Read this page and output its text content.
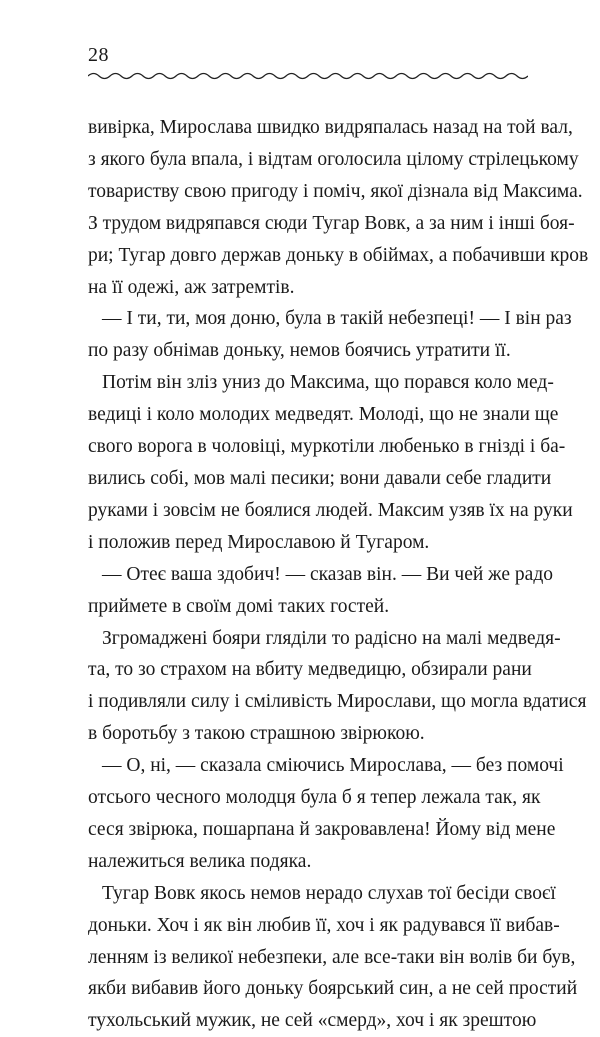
28
вивірка, Мирослава швидко видряпалась назад на той вал,
з якого була впала, і відтам оголосила цілому стрілецькому
товариству свою пригоду і поміч, якої дізнала від Максима.
З трудом видряпався сюди Тугар Вовк, а за ним і інші боя-
ри; Тугар довго держав доньку в обіймах, а побачивши кров
на її одежі, аж затремтів.
— І ти, ти, моя доню, була в такій небезпеці! — І він раз
по разу обнімав доньку, немов боячись утратити її.
Потім він зліз униз до Максима, що порався коло мед-
ведиці і коло молодих медведят. Молоді, що не знали ще
свого ворога в чоловіці, муркотіли любенько в гнізді і ба-
вились собі, мов малі песики; вони давали себе гладити
руками і зовсім не боялися людей. Максим узяв їх на руки
і положив перед Мирославою й Тугаром.
— Отеє ваша здобич! — сказав він. — Ви чей же радо
приймете в своїм домі таких гостей.
Згромаджені бояри гляділи то радісно на малі медведя-
та, то зо страхом на вбиту медведицю, обзирали рани
і подивляли силу і сміливість Мирослави, що могла вдатися
в боротьбу з такою страшною звірюкою.
— О, ні, — сказала сміючись Мирослава, — без помочі
отсього чесного молодця була б я тепер лежала так, як
сеся звірюка, пошарпана й закровавлена! Йому від мене
належиться велика подяка.
Тугар Вовк якось немов нерадо слухав тої бесіди своєї
доньки. Хоч і як він любив її, хоч і як радувався її вибав-
ленням із великої небезпеки, але все-таки він волів би був,
якби вибавив його доньку боярський син, а не сей простий
тухольський мужик, не сей «смерд», хоч і як зрештою
